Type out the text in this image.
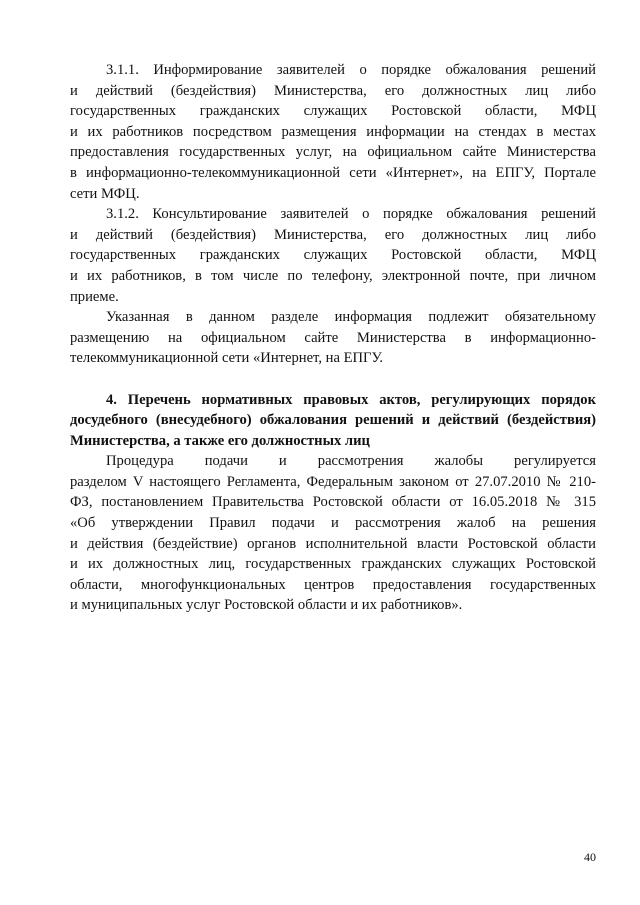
3.1.1. Информирование заявителей о порядке обжалования решений
и действий (бездействия) Министерства, его должностных лиц либо
государственных гражданских служащих Ростовской области, МФЦ
и их работников посредством размещения информации на стендах в местах
предоставления государственных услуг, на официальном сайте Министерства
в информационно-телекоммуникационной сети «Интернет», на ЕПГУ, Портале
сети МФЦ.
3.1.2. Консультирование заявителей о порядке обжалования решений
и действий (бездействия) Министерства, его должностных лиц либо
государственных гражданских служащих Ростовской области, МФЦ
и их работников, в том числе по телефону, электронной почте, при личном
приеме.
Указанная в данном разделе информация подлежит обязательному
размещению на официальном сайте Министерства в информационно-
телекоммуникационной сети «Интернет, на ЕПГУ.
4. Перечень нормативных правовых актов, регулирующих порядок
досудебного (внесудебного) обжалования решений и действий (бездействия)
Министерства, а также его должностных лиц
Процедура подачи и рассмотрения жалобы регулируется
разделом V настоящего Регламента, Федеральным законом от 27.07.2010 № 210-
ФЗ, постановлением Правительства Ростовской области от 16.05.2018 № 315
«Об утверждении Правил подачи и рассмотрения жалоб на решения
и действия (бездействие) органов исполнительной власти Ростовской области
и их должностных лиц, государственных гражданских служащих Ростовской
области, многофункциональных центров предоставления государственных
и муниципальных услуг Ростовской области и их работников».
40
